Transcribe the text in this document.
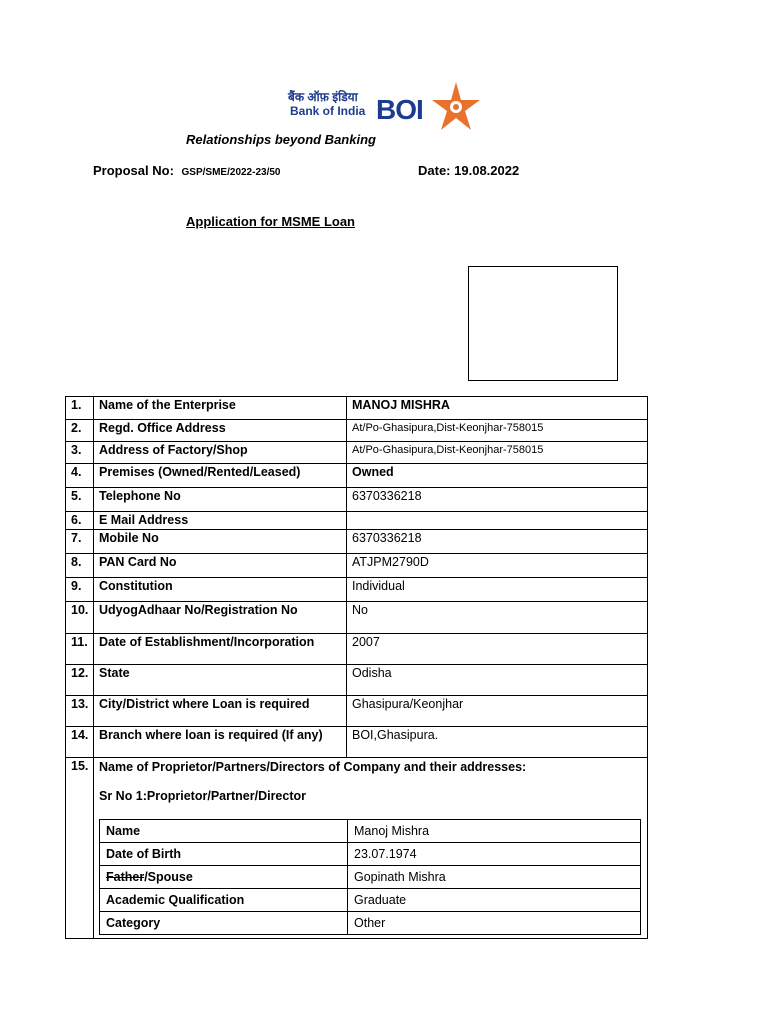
बैंक ऑफ़ इंडिया
Bank of India BOI
Relationships beyond Banking
Proposal No: GSP/SME/2022-23/50	Date: 19.08.2022
Application for MSME Loan
1.	Name of the Enterprise	MANOJ MISHRA
2.	Regd. Office Address	At/Po-Ghasipura,Dist-Keonjhar-758015
3.	Address of Factory/Shop	At/Po-Ghasipura,Dist-Keonjhar-758015
4.	Premises (Owned/Rented/Leased)	Owned
5.	Telephone No	6370336218
6.	E Mail Address	
7.	Mobile No	6370336218
8.	PAN Card No	ATJPM2790D
9.	Constitution	Individual
10.	UdyogAdhaar No/Registration No	No
11.	Date of Establishment/Incorporation	2007
12.	State	Odisha
13.	City/District where Loan is required	Ghasipura/Keonjhar
14.	Branch where loan is required (If any)	BOI,Ghasipura.
15.	Name of Proprietor/Partners/Directors of Company and their addresses:
Sr No 1:Proprietor/Partner/Director
Name	Manoj Mishra
Date of Birth	23.07.1974
Father/Spouse	Gopinath Mishra
Academic Qualification	Graduate
Category	Other
